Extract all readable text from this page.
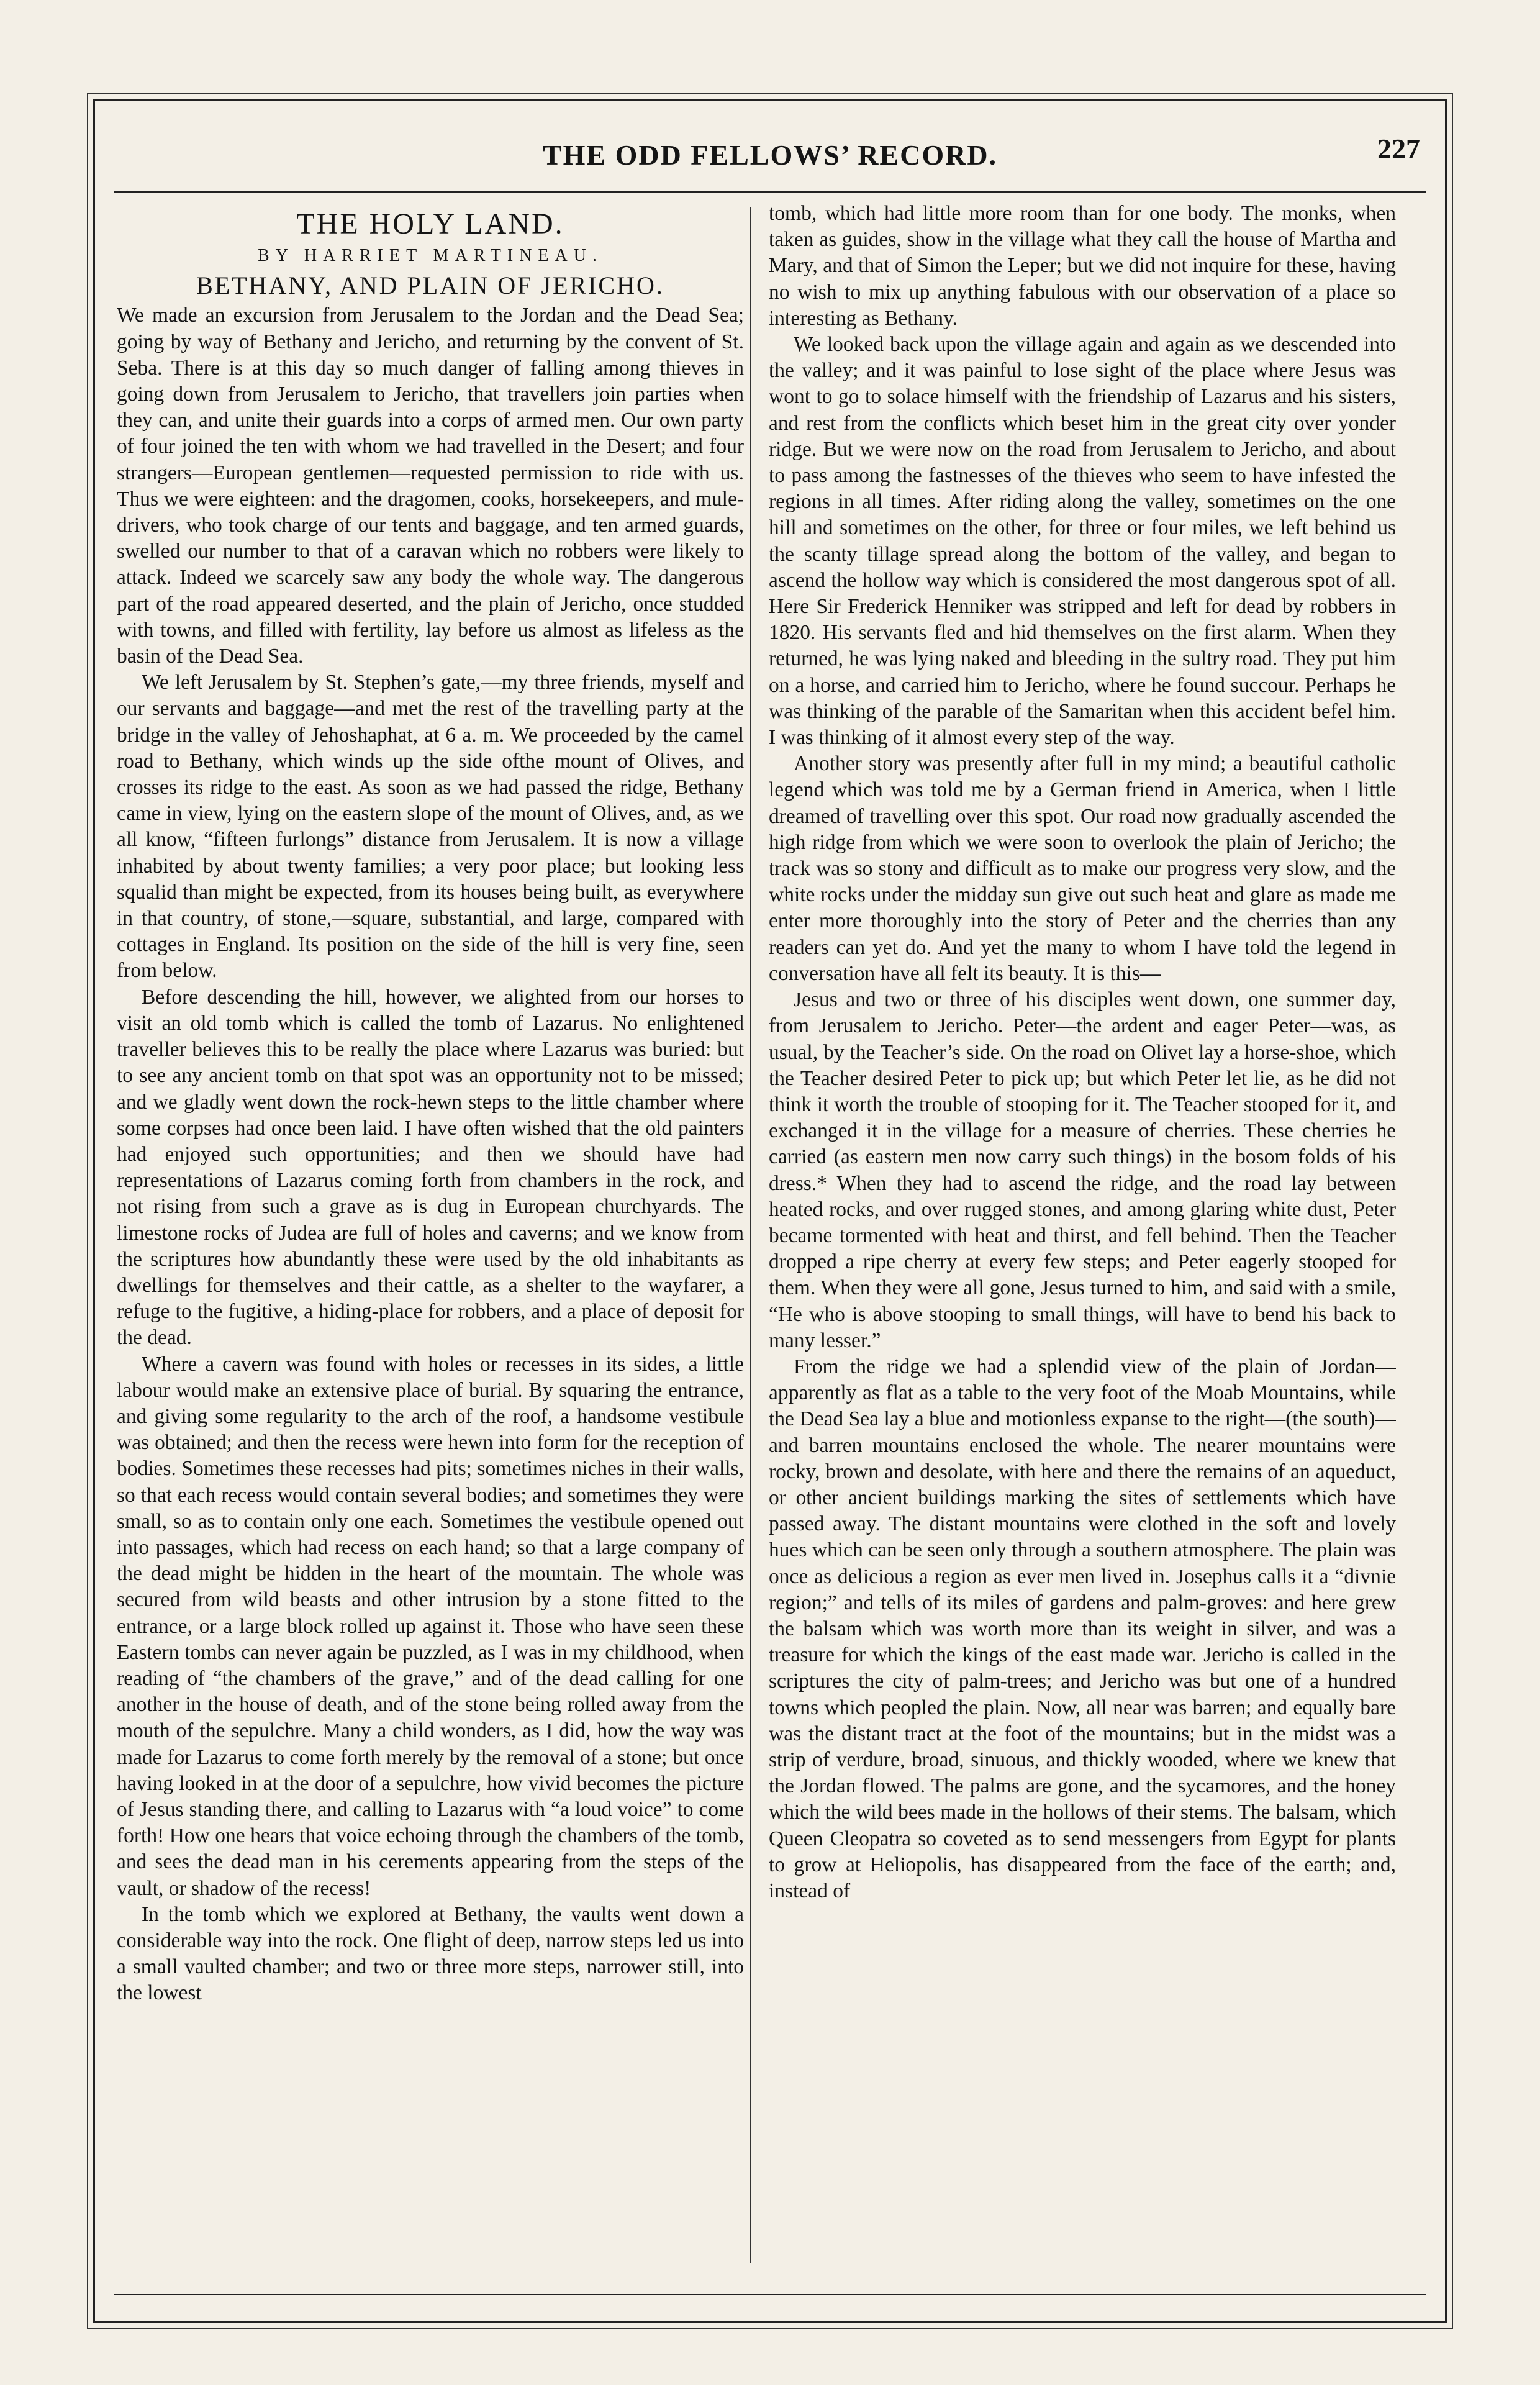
THE ODD FELLOWS’ RECORD.	227
THE HOLY LAND.
BY HARRIET MARTINEAU.
BETHANY, AND PLAIN OF JERICHO.

We made an excursion from Jerusalem to the Jordan and the Dead Sea; going by way of Bethany and Jericho, and returning by the convent of St. Seba. There is at this day so much danger of falling among thieves in going down from Jerusalem to Jericho, that travellers join parties when they can, and unite their guards into a corps of armed men. Our own party of four joined the ten with whom we had travelled in the Desert; and four strangers—European gentlemen—requested permission to ride with us. Thus we were eighteen: and the dragomen, cooks, horsekeepers, and mule-drivers, who took charge of our tents and baggage, and ten armed guards, swelled our number to that of a caravan which no robbers were likely to attack. Indeed we scarcely saw any body the whole way. The dangerous part of the road appeared deserted, and the plain of Jericho, once studded with towns, and filled with fertility, lay before us almost as lifeless as the basin of the Dead Sea.

We left Jerusalem by St. Stephen’s gate,—my three friends, myself and our servants and baggage—and met the rest of the travelling party at the bridge in the valley of Jehoshaphat, at 6 a. m. We proceeded by the camel road to Bethany, which winds up the side ofthe mount of Olives, and crosses its ridge to the east. As soon as we had passed the ridge, Bethany came in view, lying on the eastern slope of the mount of Olives, and, as we all know, “fifteen furlongs” distance from Jerusalem. It is now a village inhabited by about twenty families; a very poor place; but looking less squalid than might be expected, from its houses being built, as everywhere in that country, of stone,—square, substantial, and large, compared with cottages in England. Its position on the side of the hill is very fine, seen from below.

Before descending the hill, however, we alighted from our horses to visit an old tomb which is called the tomb of Lazarus. No enlightened traveller believes this to be really the place where Lazarus was buried: but to see any ancient tomb on that spot was an opportunity not to be missed; and we gladly went down the rock-hewn steps to the little chamber where some corpses had once been laid. I have often wished that the old painters had enjoyed such opportunities; and then we should have had representations of Lazarus coming forth from chambers in the rock, and not rising from such a grave as is dug in European churchyards. The limestone rocks of Judea are full of holes and caverns; and we know from the scriptures how abundantly these were used by the old inhabitants as dwellings for themselves and their cattle, as a shelter to the wayfarer, a refuge to the fugitive, a hiding-place for robbers, and a place of deposit for the dead.

Where a cavern was found with holes or recesses in its sides, a little labour would make an extensive place of burial. By squaring the entrance, and giving some regularity to the arch of the roof, a handsome vestibule was obtained; and then the recess were hewn into form for the reception of bodies. Sometimes these recesses had pits; sometimes niches in their walls, so that each recess would contain several bodies; and sometimes they were small, so as to contain only one each. Sometimes the vestibule opened out into passages, which had recess on each hand; so that a large company of the dead might be hidden in the heart of the mountain. The whole was secured from wild beasts and other intrusion by a stone fitted to the entrance, or a large block rolled up against it. Those who have seen these Eastern tombs can never again be puzzled, as I was in my childhood, when reading of “the chambers of the grave,” and of the dead calling for one another in the house of death, and of the stone being rolled away from the mouth of the sepulchre. Many a child wonders, as I did, how the way was made for Lazarus to come forth merely by the removal of a stone; but once having looked in at the door of a sepulchre, how vivid becomes the picture of Jesus standing there, and calling to Lazarus with “a loud voice” to come forth! How one hears that voice echoing through the chambers of the tomb, and sees the dead man in his cerements appearing from the steps of the vault, or shadow of the recess!

In the tomb which we explored at Bethany, the vaults went down a considerable way into the rock. One flight of deep, narrow steps led us into a small vaulted chamber; and two or three more steps, narrower still, into the lowest

tomb, which had little more room than for one body. The monks, when taken as guides, show in the village what they call the house of Martha and Mary, and that of Simon the Leper; but we did not inquire for these, having no wish to mix up anything fabulous with our observation of a place so interesting as Bethany.

We looked back upon the village again and again as we descended into the valley; and it was painful to lose sight of the place where Jesus was wont to go to solace himself with the friendship of Lazarus and his sisters, and rest from the conflicts which beset him in the great city over yonder ridge. But we were now on the road from Jerusalem to Jericho, and about to pass among the fastnesses of the thieves who seem to have infested the regions in all times. After riding along the valley, sometimes on the one hill and sometimes on the other, for three or four miles, we left behind us the scanty tillage spread along the bottom of the valley, and began to ascend the hollow way which is considered the most dangerous spot of all. Here Sir Frederick Henniker was stripped and left for dead by robbers in 1820. His servants fled and hid themselves on the first alarm. When they returned, he was lying naked and bleeding in the sultry road. They put him on a horse, and carried him to Jericho, where he found succour. Perhaps he was thinking of the parable of the Samaritan when this accident befel him. I was thinking of it almost every step of the way.

Another story was presently after full in my mind; a beautiful catholic legend which was told me by a German friend in America, when I little dreamed of travelling over this spot. Our road now gradually ascended the high ridge from which we were soon to overlook the plain of Jericho; the track was so stony and difficult as to make our progress very slow, and the white rocks under the midday sun give out such heat and glare as made me enter more thoroughly into the story of Peter and the cherries than any readers can yet do. And yet the many to whom I have told the legend in conversation have all felt its beauty. It is this—

Jesus and two or three of his disciples went down, one summer day, from Jerusalem to Jericho. Peter—the ardent and eager Peter—was, as usual, by the Teacher’s side. On the road on Olivet lay a horse-shoe, which the Teacher desired Peter to pick up; but which Peter let lie, as he did not think it worth the trouble of stooping for it. The Teacher stooped for it, and exchanged it in the village for a measure of cherries. These cherries he carried (as eastern men now carry such things) in the bosom folds of his dress.* When they had to ascend the ridge, and the road lay between heated rocks, and over rugged stones, and among glaring white dust, Peter became tormented with heat and thirst, and fell behind. Then the Teacher dropped a ripe cherry at every few steps; and Peter eagerly stooped for them. When they were all gone, Jesus turned to him, and said with a smile, “He who is above stooping to small things, will have to bend his back to many lesser.”

From the ridge we had a splendid view of the plain of Jordan—apparently as flat as a table to the very foot of the Moab Mountains, while the Dead Sea lay a blue and motionless expanse to the right—(the south)—and barren mountains enclosed the whole. The nearer mountains were rocky, brown and desolate, with here and there the remains of an aqueduct, or other ancient buildings marking the sites of settlements which have passed away. The distant mountains were clothed in the soft and lovely hues which can be seen only through a southern atmosphere. The plain was once as delicious a region as ever men lived in. Josephus calls it a “divnie region;” and tells of its miles of gardens and palm-groves: and here grew the balsam which was worth more than its weight in silver, and was a treasure for which the kings of the east made war. Jericho is called in the scriptures the city of palm-trees; and Jericho was but one of a hundred towns which peopled the plain. Now, all near was barren; and equally bare was the distant tract at the foot of the mountains; but in the midst was a strip of verdure, broad, sinuous, and thickly wooded, where we knew that the Jordan flowed. The palms are gone, and the sycamores, and the honey which the wild bees made in the hollows of their stems. The balsam, which Queen Cleopatra so coveted as to send messengers from Egypt for plants to grow at Heliopolis, has disappeared from the face of the earth; and, instead of
